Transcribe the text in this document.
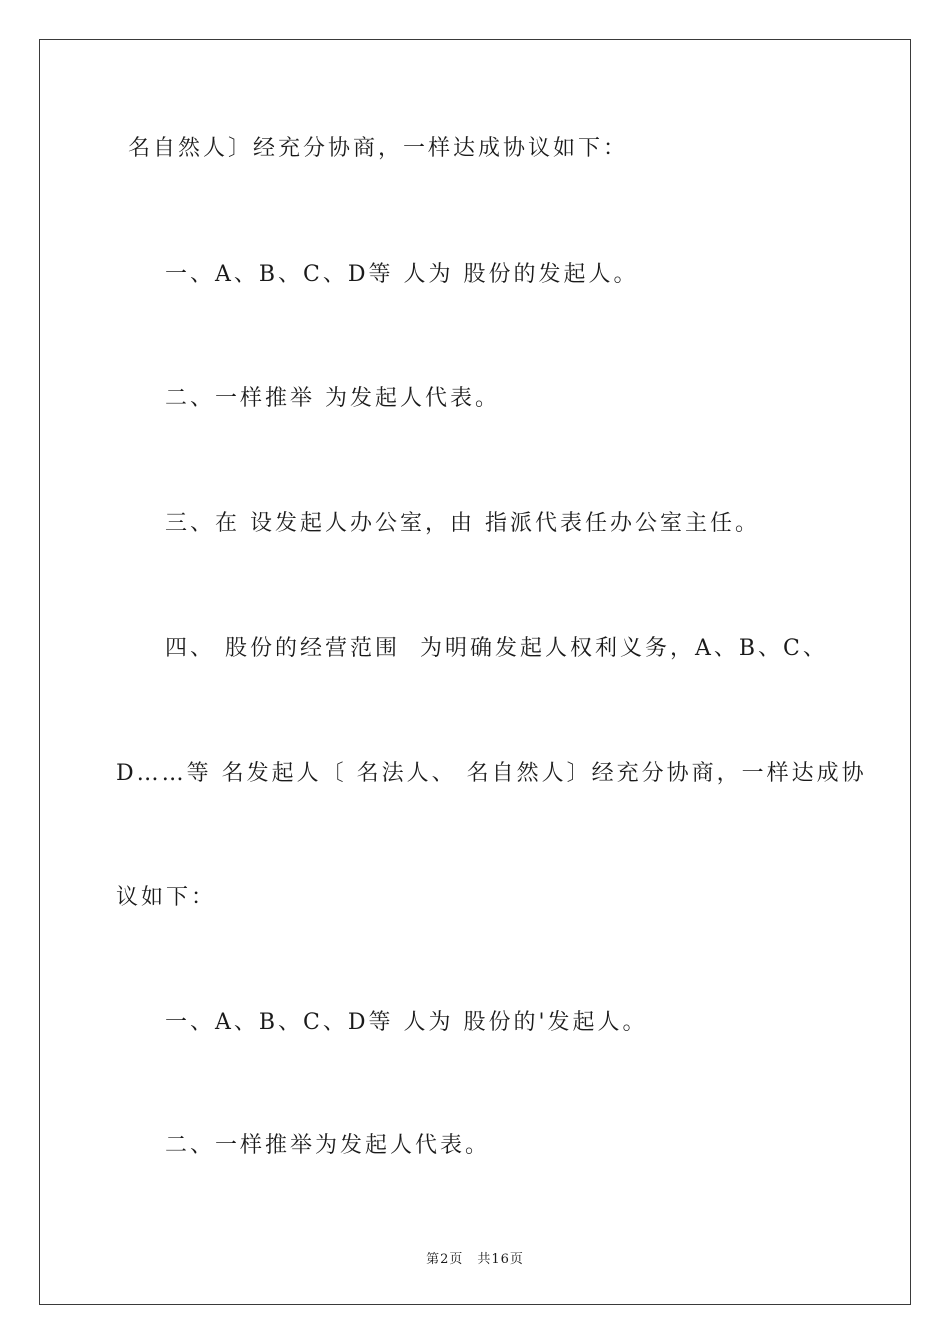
名自然人〕经充分协商，一样达成协议如下：
一、A、B、C、D等 人为 股份的发起人。
二、一样推举 为发起人代表。
三、在 设发起人办公室，由 指派代表任办公室主任。
四、 股份的经营范围  为明确发起人权利义务，A、B、C、
D……等 名发起人〔 名法人、 名自然人〕经充分协商，一样达成协
议如下：
一、A、B、C、D等 人为 股份的'发起人。
二、一样推举为发起人代表。
第2页　共16页
